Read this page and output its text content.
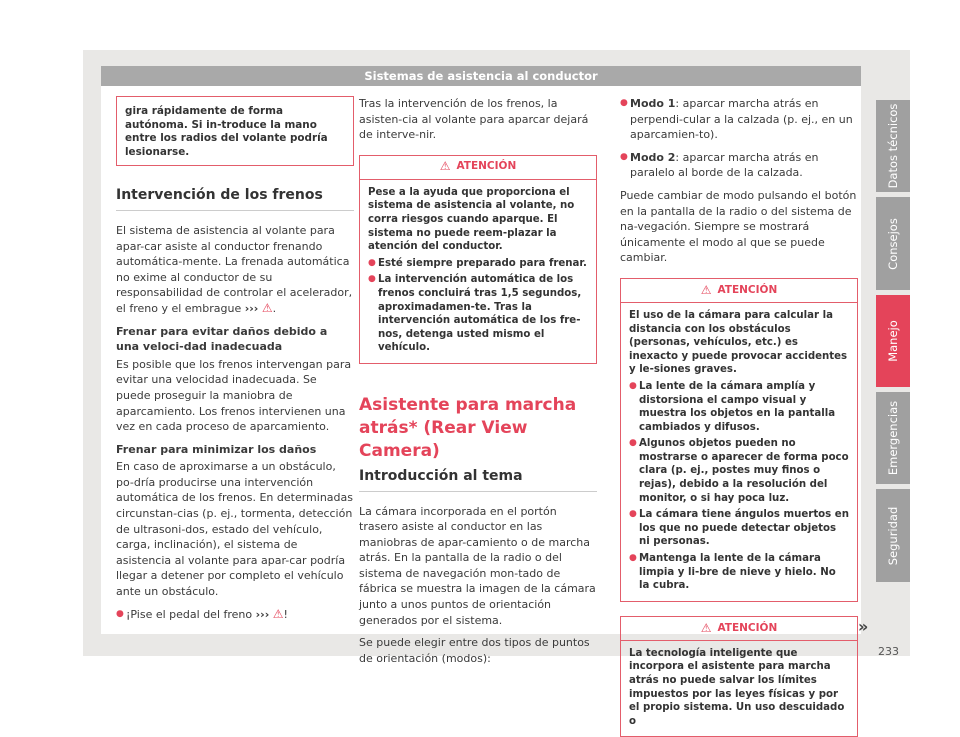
Sistemas de asistencia al conductor
gira rápidamente de forma autónoma. Si in-troduce la mano entre los radios del volante podría lesionarse.
Intervención de los frenos

El sistema de asistencia al volante para apar-car asiste al conductor frenando automática-mente. La frenada automática no exime al conductor de su responsabilidad de controlar el acelerador, el freno y el embrague ››› ⚠.

Frenar para evitar daños debido a una veloci-dad inadecuada

Es posible que los frenos intervengan para evitar una velocidad inadecuada. Se puede proseguir la maniobra de aparcamiento. Los frenos intervienen una vez en cada proceso de aparcamiento.

Frenar para minimizar los daños

En caso de aproximarse a un obstáculo, po-dría producirse una intervención automática de los frenos. En determinadas circunstan-cias (p. ej., tormenta, detección de ultrasoni-dos, estado del vehículo, carga, inclinación), el sistema de asistencia al volante para apar-car podría llegar a detener por completo el vehículo ante un obstáculo.

● ¡Pise el pedal del freno ››› ⚠!

Tras la intervención de los frenos, la asisten-cia al volante para aparcar dejará de interve-nir.

⚠ ATENCIÓN
Pese a la ayuda que proporciona el sistema de asistencia al volante, no corra riesgos cuando aparque. El sistema no puede reem-plazar la atención del conductor.
● Esté siempre preparado para frenar.
● La intervención automática de los frenos concluirá tras 1,5 segundos, aproximadamen-te. Tras la intervención automática de los fre-nos, detenga usted mismo el vehículo.
Asistente para marcha atrás* (Rear View Camera)
Introducción al tema

La cámara incorporada en el portón trasero asiste al conductor en las maniobras de apar-camiento o de marcha atrás. En la pantalla de la radio o del sistema de navegación mon-tado de fábrica se muestra la imagen de la cámara junto a unos puntos de orientación generados por el sistema.

Se puede elegir entre dos tipos de puntos de orientación (modos):

● Modo 1: aparcar marcha atrás en perpendi-cular a la calzada (p. ej., en un aparcamien-to).

● Modo 2: aparcar marcha atrás en paralelo al borde de la calzada.

Puede cambiar de modo pulsando el botón en la pantalla de la radio o del sistema de na-vegación. Siempre se mostrará únicamente el modo al que se puede cambiar.

⚠ ATENCIÓN
El uso de la cámara para calcular la distancia con los obstáculos (personas, vehículos, etc.) es inexacto y puede provocar accidentes y le-siones graves.
● La lente de la cámara amplía y distorsiona el campo visual y muestra los objetos en la pantalla cambiados y difusos.
● Algunos objetos pueden no mostrarse o aparecer de forma poco clara (p. ej., postes muy finos o rejas), debido a la resolución del monitor, o si hay poca luz.
● La cámara tiene ángulos muertos en los que no puede detectar objetos ni personas.
● Mantenga la lente de la cámara limpia y li-bre de nieve y hielo. No la cubra.
⚠ ATENCIÓN
La tecnología inteligente que incorpora el asistente para marcha atrás no puede salvar los límites impuestos por las leyes físicas y por el propio sistema. Un uso descuidado o
»
Datos técnicos
Consejos
Manejo
Emergencias
Seguridad
233
